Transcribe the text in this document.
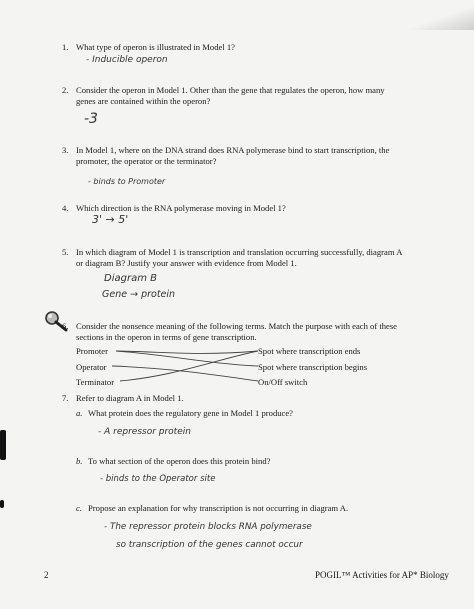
1. What type of operon is illustrated in Model 1?
- Inducible operon
2. Consider the operon in Model 1. Other than the gene that regulates the operon, how many
genes are contained within the operon?
-3
3. In Model 1, where on the DNA strand does RNA polymerase bind to start transcription, the
promoter, the operator or the terminator?
- binds to Promoter
4. Which direction is the RNA polymerase moving in Model 1?
3' → 5'
5. In which diagram of Model 1 is transcription and translation occurring successfully, diagram A
or diagram B? Justify your answer with evidence from Model 1.
Diagram B
Gene → protein
6. Consider the nonsence meaning of the following terms. Match the purpose with each of these
sections in the operon in terms of gene transcription.
Promoter
Operator
Terminator
Spot where transcription ends
Spot where transcription begins
On/Off switch
7. Refer to diagram A in Model 1.
a. What protein does the regulatory gene in Model 1 produce?
- A repressor protein
b. To what section of the operon does this protein bind?
- binds to the Operator site
c. Propose an explanation for why transcription is not occurring in diagram A.
- The repressor protein blocks RNA polymerase
so transcription of the genes cannot occur
2	POGIL™ Activities for AP* Biology
